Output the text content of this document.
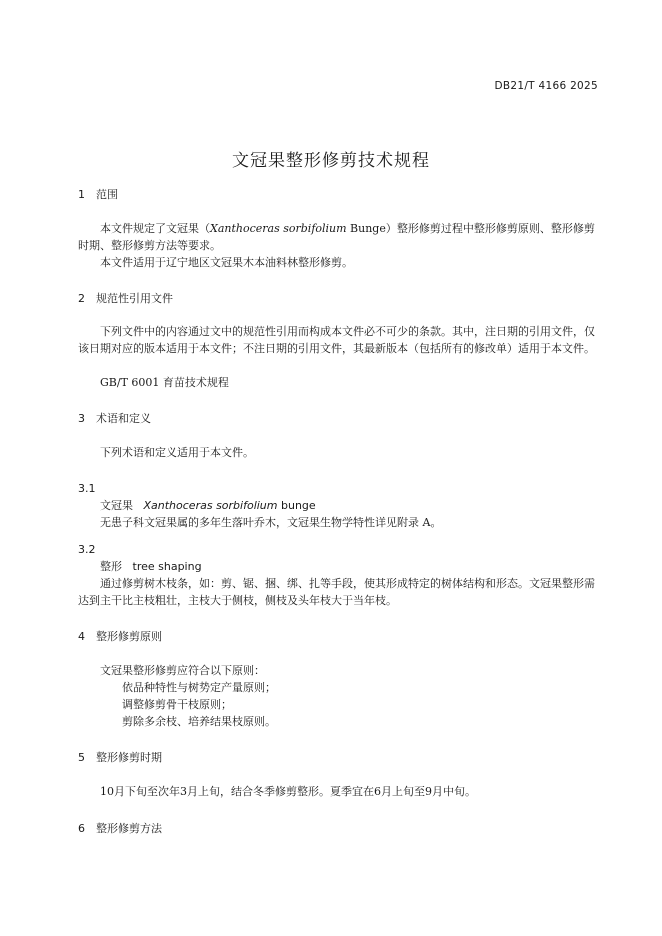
DB21/T 4166 2025
文冠果整形修剪技术规程
1 范围
本文件规定了文冠果（Xanthoceras sorbifolium Bunge）整形修剪过程中整形修剪原则、整形修剪时期、整形修剪方法等要求。
本文件适用于辽宁地区文冠果木本油料林整形修剪。
2 规范性引用文件
下列文件中的内容通过文中的规范性引用而构成本文件必不可少的条款。其中，注日期的引用文件，仅该日期对应的版本适用于本文件；不注日期的引用文件，其最新版本（包括所有的修改单）适用于本文件。
GB/T 6001 育苗技术规程
3 术语和定义
下列术语和定义适用于本文件。
3.1
文冠果 Xanthoceras sorbifolium bunge
无患子科文冠果属的多年生落叶乔木，文冠果生物学特性详见附录 A。
3.2
整形 tree shaping
通过修剪树木枝条，如：剪、锯、捆、绑、扎等手段，使其形成特定的树体结构和形态。文冠果整形需达到主干比主枝粗壮，主枝大于侧枝，侧枝及头年枝大于当年枝。
4 整形修剪原则
文冠果整形修剪应符合以下原则：
依品种特性与树势定产量原则；
调整修剪骨干枝原则；
剪除多余枝、培养结果枝原则。
5 整形修剪时期
10月下旬至次年3月上旬，结合冬季修剪整形。夏季宜在6月上旬至9月中旬。
6 整形修剪方法
